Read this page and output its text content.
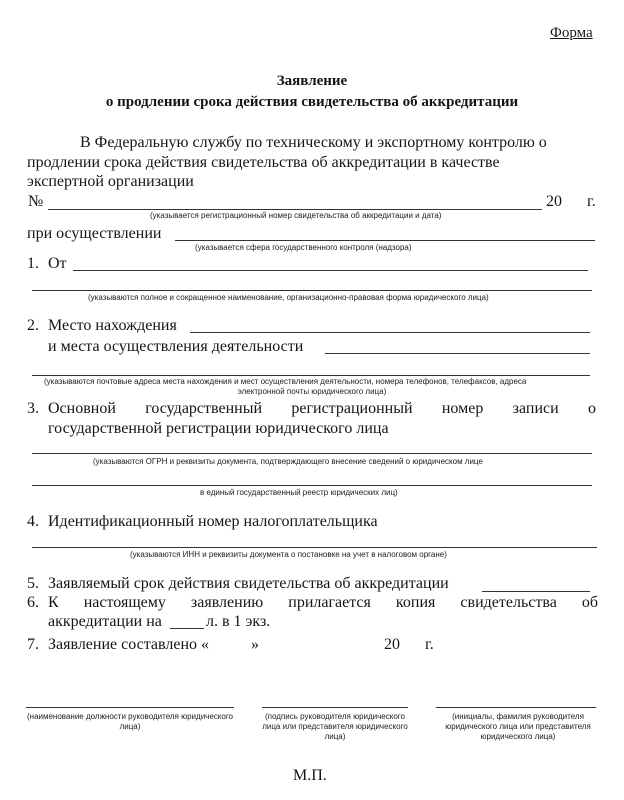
Форма
Заявление
о продлении срока действия свидетельства об аккредитации
В Федеральную службу по техническому и экспортному контролю о
продлении срока действия свидетельства об аккредитации в качестве
экспертной организации
№	20 г.
(указывается регистрационный номер свидетельства об аккредитации и дата)
при осуществлении
(указывается сфера государственного контроля (надзора)
1. От
(указываются полное и сокращенное наименование, организационно-правовая форма юридического лица)
2. Место нахождения
и места осуществления деятельности
(указываются почтовые адреса места нахождения и мест осуществления деятельности, номера телефонов, телефаксов, адреса
электронной почты юридического лица)
3. Основной государственный регистрационный номер записи о
государственной регистрации юридического лица
(указываются ОГРН и реквизиты документа, подтверждающего внесение сведений о юридическом лице
в единый государственный реестр юридических лиц)
4. Идентификационный номер налогоплательщика
(указываются ИНН и реквизиты документа о постановке на учет в налоговом органе)
5. Заявляемый срок действия свидетельства об аккредитации
6. К настоящему заявлению прилагается копия свидетельства об
аккредитации на	л. в 1 экз.
7. Заявление составлено «	»	20 г.
(наименование должности руководителя юридического лица)
(подпись руководителя юридического лица или представителя юридического лица)
(инициалы, фамилия руководителя юридического лица или представителя юридического лица)
М.П.
